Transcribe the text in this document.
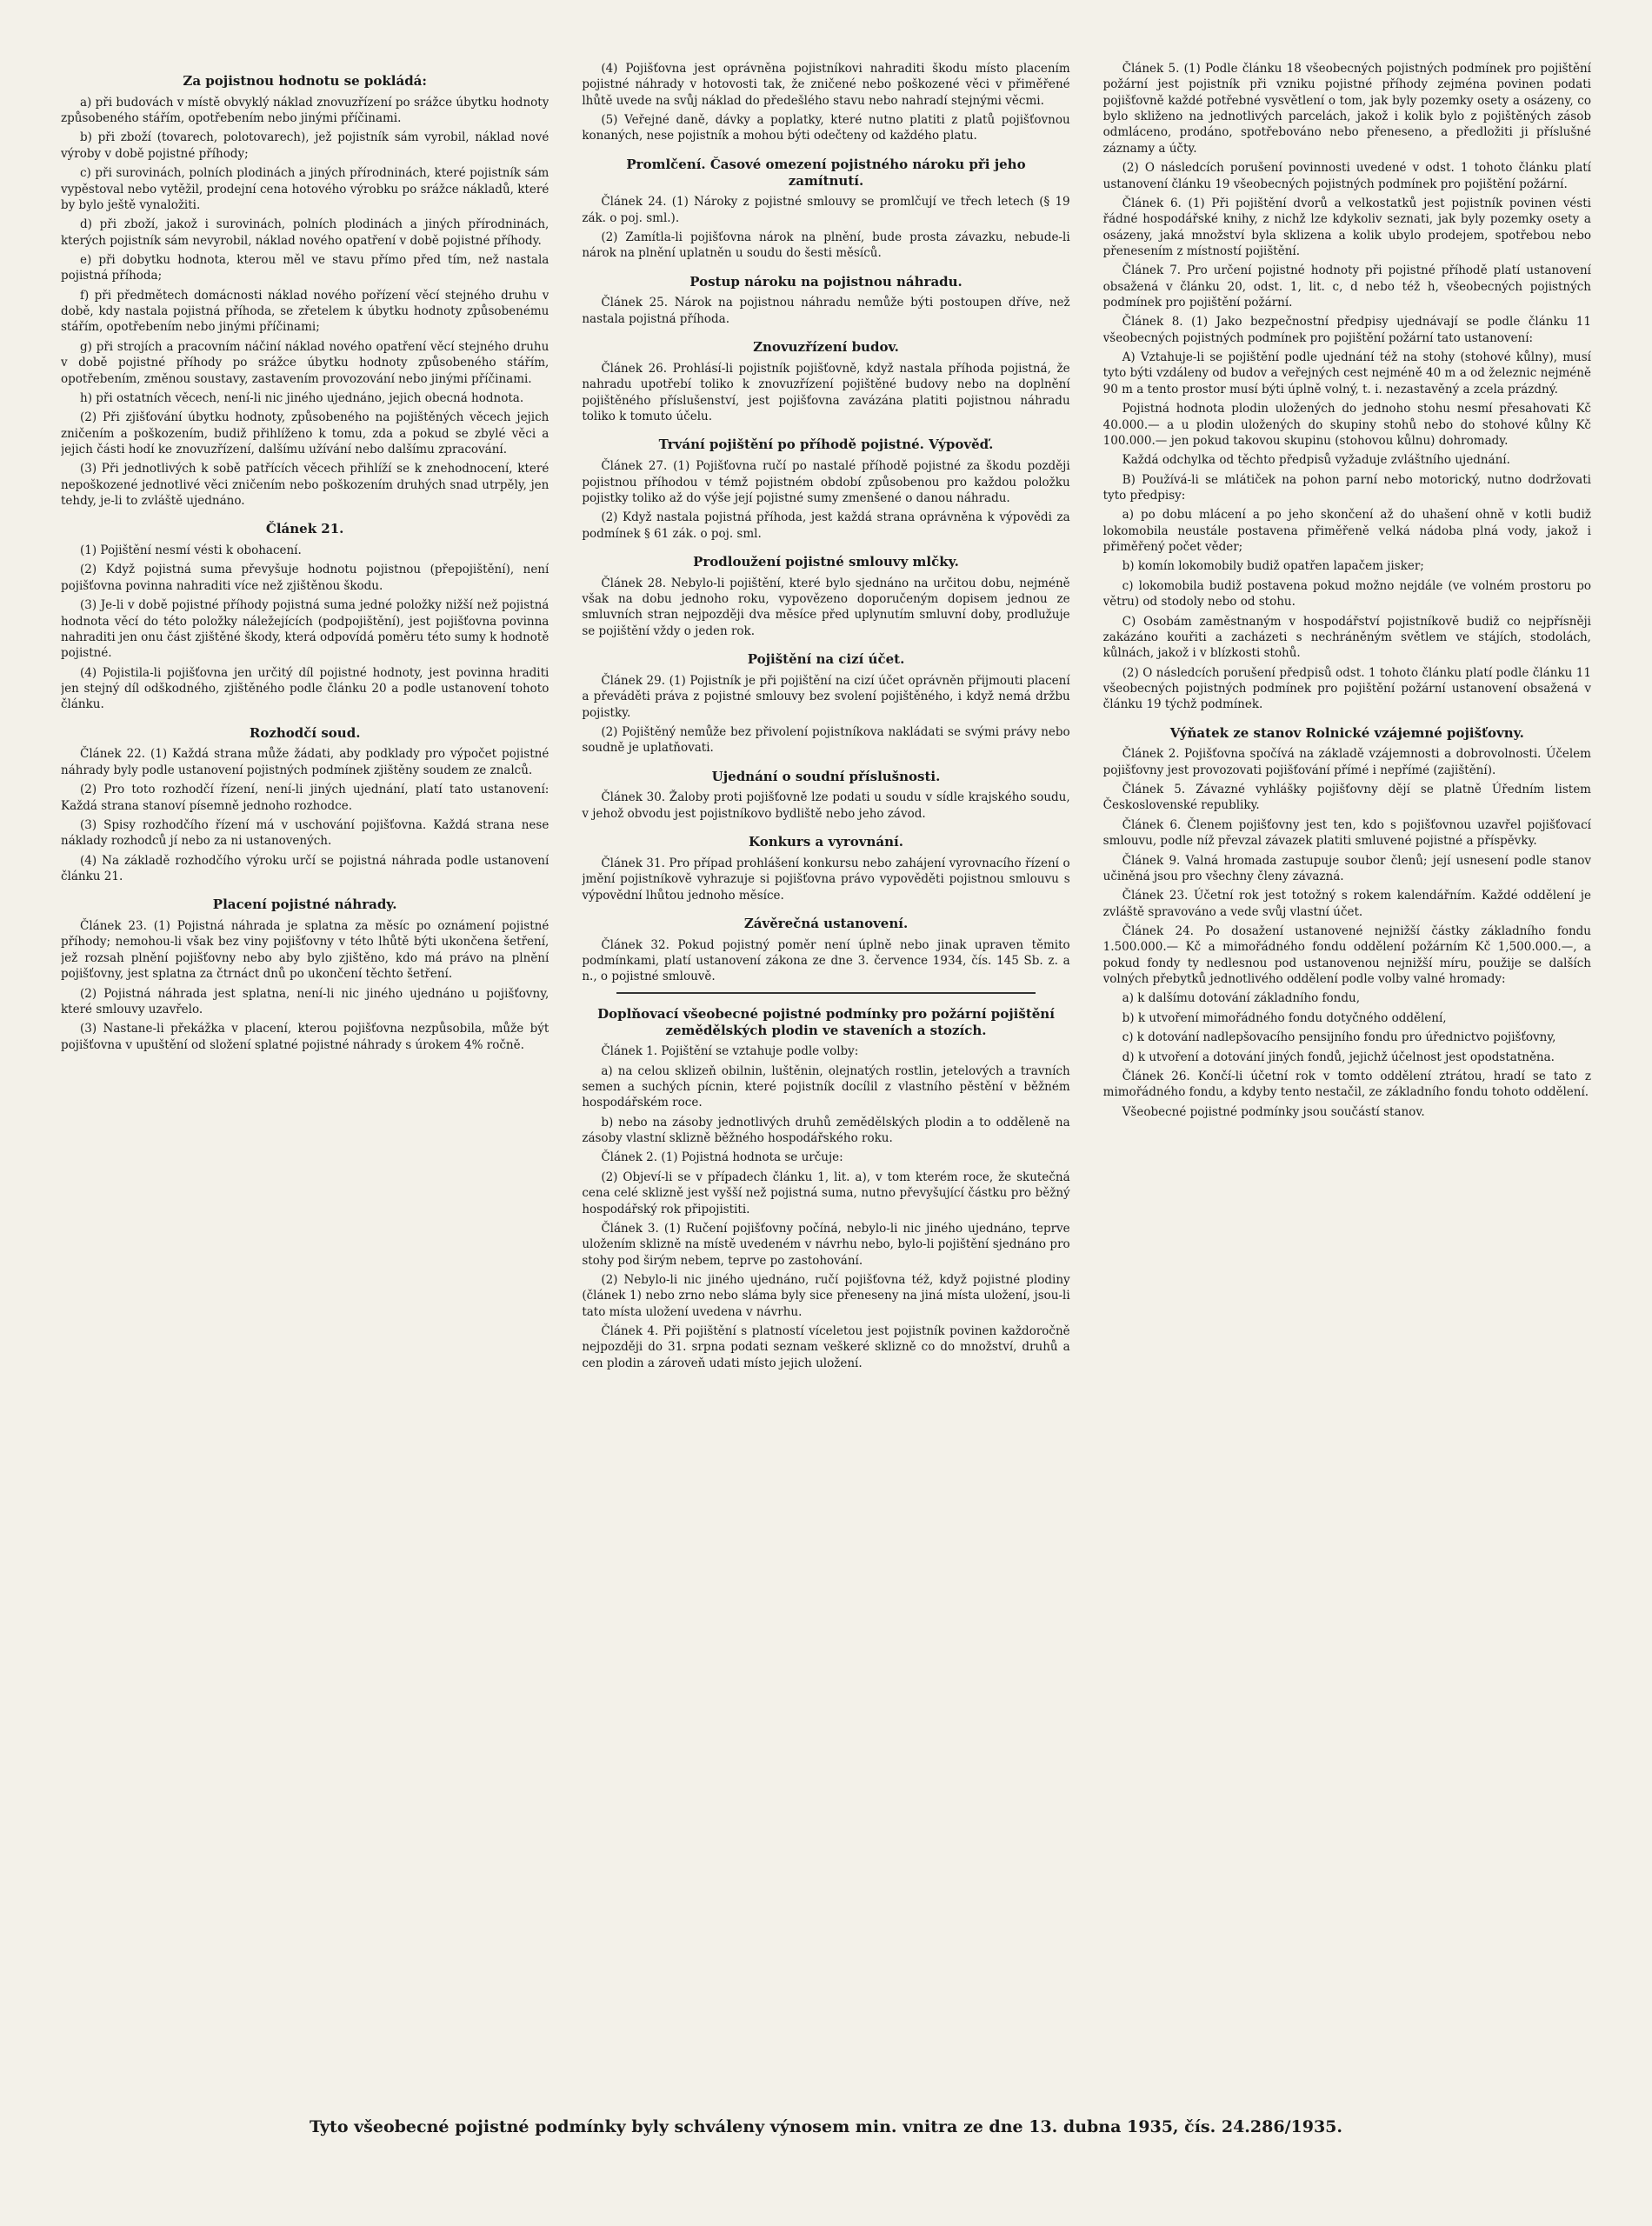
Za pojistnou hodnotu se pokládá:

a) při budovách v místě obvyklý náklad znovuzřízení po srážce úbytku hodnoty způsobeného stářím, opotřebením nebo jinými příčinami.

b) při zboží (tovarech, polotovarech), jež pojistník sám vyrobil, náklad nové výroby v době pojistné příhody;

c) při surovinách, polních plodinách a jiných přírodninách, které pojistník sám vypěstoval nebo vytěžil, prodejní cena hotového výrobku po srážce nákladů, které by bylo ještě vynaložiti.

d) při zboží, jakož i surovinách, polních plodinách a jiných přírodninách, kterých pojistník sám nevyrobil, náklad nového opatření v době pojistné příhody.

e) při dobytku hodnota, kterou měl ve stavu přímo před tím, než nastala pojistná příhoda;

f) při předmětech domácnosti náklad nového pořízení věcí stejného druhu v době, kdy nastala pojistná příhoda, se zřetelem k úbytku hodnoty způsobenému stářím, opotřebením nebo jinými příčinami;

g) při strojích a pracovním náčiní náklad nového opatření věcí stejného druhu v době pojistné příhody po srážce úbytku hodnoty způsobeného stářím, opotřebením, změnou soustavy, zastavením provozování nebo jinými příčinami.

h) při ostatních věcech, není-li nic jiného ujednáno, jejich obecná hodnota.

(2) Při zjišťování úbytku hodnoty, způsobeného na pojištěných věcech jejich zničením a poškozením, budiž přihlíženo k tomu, zda a pokud se zbylé věci a jejich části hodí ke znovuzřízení, dalšímu užívání nebo dalšímu zpracování.

(3) Při jednotlivých k sobě patřících věcech přihlíží se k znehodnocení, které nepoškozené jednotlivé věci zničením nebo poškozením druhých snad utrpěly, jen tehdy, je-li to zvláště ujednáno.

Článek 21.

(1) Pojištění nesmí vésti k obohacení.

(2) Když pojistná suma převyšuje hodnotu pojistnou (přepojištění), není pojišťovna povinna nahraditi více než zjištěnou škodu.

(3) Je-li v době pojistné příhody pojistná suma jedné položky nižší než pojistná hodnota věcí do této položky náležejících (podpojištění), jest pojišťovna povinna nahraditi jen onu část zjištěné škody, která odpovídá poměru této sumy k hodnotě pojistné.

(4) Pojistila-li pojišťovna jen určitý díl pojistné hodnoty, jest povinna hraditi jen stejný díl odškodného, zjištěného podle článku 20 a podle ustanovení tohoto článku.

Rozhodčí soud.

Článek 22. (1) Každá strana může žádati, aby podklady pro výpočet pojistné náhrady byly podle ustanovení pojistných podmínek zjištěny soudem ze znalců.

(2) Pro toto rozhodčí řízení, není-li jiných ujednání, platí tato ustanovení: Každá strana stanoví písemně jednoho rozhodce.

(3) Spisy rozhodčího řízení má v uschování pojišťovna. Každá strana nese náklady rozhodců jí nebo za ni ustanovených.

(4) Na základě rozhodčího výroku určí se pojistná náhrada podle ustanovení článku 21.

Placení pojistné náhrady.

Článek 23. (1) Pojistná náhrada je splatna za měsíc po oznámení pojistné příhody; nemohou-li však bez viny pojišťovny v této lhůtě býti ukončena šetření, jež rozsah plnění pojišťovny nebo aby bylo zjištěno, kdo má právo na plnění pojišťovny, jest splatna za čtrnáct dnů po ukončení těchto šetření.

(2) Pojistná náhrada jest splatna, není-li nic jiného ujednáno u pojišťovny, které smlouvy uzavřelo.

(3) Nastane-li překážka v placení, kterou pojišťovna nezpůsobila, může být pojišťovna v upuštění od složení splatné pojistné náhrady s úrokem 4% ročně.

(4) Pojišťovna jest oprávněna pojistníkovi nahraditi škodu místo placením pojistné náhrady v hotovosti tak, že zničené nebo poškozené věci v přiměřené lhůtě uvede na svůj náklad do předešlého stavu nebo nahradí stejnými věcmi.

(5) Veřejné daně, dávky a poplatky, které nutno platiti z platů pojišťovnou konaných, nese pojistník a mohou býti odečteny od každého platu.

Promlčení. Časové omezení pojistného nároku při jeho zamítnutí.

Článek 24. (1) Nároky z pojistné smlouvy se promlčují ve třech letech (§ 19 zák. o poj. sml.).

(2) Zamítla-li pojišťovna nárok na plnění, bude prosta závazku, nebude-li nárok na plnění uplatněn u soudu do šesti měsíců.

Postup nároku na pojistnou náhradu.

Článek 25. Nárok na pojistnou náhradu nemůže býti postoupen dříve, než nastala pojistná příhoda.

Znovuzřízení budov.

Článek 26. Prohlásí-li pojistník pojišťovně, když nastala příhoda pojistná, že nahradu upotřebí toliko k znovuzřízení pojištěné budovy nebo na doplnění pojištěného příslušenství, jest pojišťovna zavázána platiti pojistnou náhradu toliko k tomuto účelu.

Trvání pojištění po příhodě pojistné. Výpověď.

Článek 27. (1) Pojišťovna ručí po nastalé příhodě pojistné za škodu později pojistnou příhodou v témž pojistném období způsobenou pro každou položku pojistky toliko až do výše její pojistné sumy zmenšené o danou náhradu.

(2) Když nastala pojistná příhoda, jest každá strana oprávněna k výpovědi za podmínek § 61 zák. o poj. sml.

Prodloužení pojistné smlouvy mlčky.

Článek 28. Nebylo-li pojištění, které bylo sjednáno na určitou dobu, nejméně však na dobu jednoho roku, vypovězeno doporučeným dopisem jednou ze smluvních stran nejpozději dva měsíce před uplynutím smluvní doby, prodlužuje se pojištění vždy o jeden rok.

Pojištění na cizí účet.

Článek 29. (1) Pojistník je při pojištění na cizí účet oprávněn přijmouti placení a převáděti práva z pojistné smlouvy bez svolení pojištěného, i když nemá držbu pojistky.

(2) Pojištěný nemůže bez přivolení pojistníkova nakládati se svými právy nebo soudně je uplatňovati.

Ujednání o soudní příslušnosti.

Článek 30. Žaloby proti pojišťovně lze podati u soudu v sídle krajského soudu, v jehož obvodu jest pojistníkovo bydliště nebo jeho závod.

Konkurs a vyrovnání.

Článek 31. Pro případ prohlášení konkursu nebo zahájení vyrovnacího řízení o jmění pojistníkově vyhrazuje si pojišťovna právo vypověděti pojistnou smlouvu s výpovědní lhůtou jednoho měsíce.

Závěrečná ustanovení.

Článek 32. Pokud pojistný poměr není úplně nebo jinak upraven těmito podmínkami, platí ustanovení zákona ze dne 3. července 1934, čís. 145 Sb. z. a n., o pojistné smlouvě.

Doplňovací všeobecné pojistné podmínky pro požární pojištění zemědělských plodin ve staveních a stozích.

Článek 1. Pojištění se vztahuje podle volby:

a) na celou sklizeň obilnin, luštěnin, olejnatých rostlin, jetelových a travních semen a suchých pícnin, které pojistník docílil z vlastního pěstění v běžném hospodářském roce.

b) nebo na zásoby jednotlivých druhů zemědělských plodin a to odděleně na zásoby vlastní sklizně běžného hospodářského roku.

Článek 2. (1) Pojistná hodnota se určuje:

(2) Objeví-li se v případech článku 1, lit. a), v tom kterém roce, že skutečná cena celé sklizně jest vyšší než pojistná suma, nutno převyšující částku pro běžný hospodářský rok připojistiti.

Článek 3. (1) Ručení pojišťovny počíná, nebylo-li nic jiného ujednáno, teprve uložením sklizně na místě uvedeném v návrhu nebo, bylo-li pojištění sjednáno pro stohy pod širým nebem, teprve po zastohování.

(2) Nebylo-li nic jiného ujednáno, ručí pojišťovna též, když pojistné plodiny (článek 1) nebo zrno nebo sláma byly sice přeneseny na jiná místa uložení, jsou-li tato místa uložení uvedena v návrhu.

Článek 4. Při pojištění s platností víceletou jest pojistník povinen každoročně nejpozději do 31. srpna podati seznam veškeré sklizně co do množství, druhů a cen plodin a zároveň udati místo jejich uložení.

Článek 5. (1) Podle článku 18 všeobecných pojistných podmínek pro pojištění požární jest pojistník při vzniku pojistné příhody zejména povinen podati pojišťovně každé potřebné vysvětlení o tom, jak byly pozemky osety a osázeny, co bylo skliženo na jednotlivých parcelách, jakož i kolik bylo z pojištěných zásob odmláceno, prodáno, spotřebováno nebo přeneseno, a předložiti ji příslušné záznamy a účty.

(2) O následcích porušení povinnosti uvedené v odst. 1 tohoto článku platí ustanovení článku 19 všeobecných pojistných podmínek pro pojištění požární.

Článek 6. (1) Při pojištění dvorů a velkostatků jest pojistník povinen vésti řádné hospodářské knihy, z nichž lze kdykoliv seznati, jak byly pozemky osety a osázeny, jaká množství byla sklizena a kolik ubylo prodejem, spotřebou nebo přenesením z místností pojištění.

Článek 7. Pro určení pojistné hodnoty při pojistné příhodě platí ustanovení obsažená v článku 20, odst. 1, lit. c, d nebo též h, všeobecných pojistných podmínek pro pojištění požární.

Článek 8. (1) Jako bezpečnostní předpisy ujednávají se podle článku 11 všeobecných pojistných podmínek pro pojištění požární tato ustanovení:

A) Vztahuje-li se pojištění podle ujednání též na stohy (stohové kůlny), musí tyto býti vzdáleny od budov a veřejných cest nejméně 40 m a od železnic nejméně 90 m a tento prostor musí býti úplně volný, t. i. nezastavěný a zcela prázdný.

Pojistná hodnota plodin uložených do jednoho stohu nesmí přesahovati Kč 40.000.— a u plodin uložených do skupiny stohů nebo do stohové kůlny Kč 100.000.— jen pokud takovou skupinu (stohovou kůlnu) dohromady.

Každá odchylka od těchto předpisů vyžaduje zvláštního ujednání.

B) Používá-li se mlátiček na pohon parní nebo motorický, nutno dodržovati tyto předpisy:

a) po dobu mlácení a po jeho skončení až do uhašení ohně v kotli budiž lokomobila neustále postavena přiměřeně velká nádoba plná vody, jakož i přiměřený počet věder;

b) komín lokomobily budiž opatřen lapačem jisker;

c) lokomobila budiž postavena pokud možno nejdále (ve volném prostoru po větru) od stodoly nebo od stohu.

C) Osobám zaměstnaným v hospodářství pojistníkově budiž co nejpřísněji zakázáno kouřiti a zacházeti s nechráněným světlem ve stájích, stodolách, kůlnách, jakož i v blízkosti stohů.

(2) O následcích porušení předpisů odst. 1 tohoto článku platí podle článku 11 všeobecných pojistných podmínek pro pojištění požární ustanovení obsažená v článku 19 týchž podmínek.

Výňatek ze stanov Rolnické vzájemné pojišťovny.

Článek 2. Pojišťovna spočívá na základě vzájemnosti a dobrovolnosti. Účelem pojišťovny jest provozovati pojišťování přímé i nepřímé (zajištění).

Článek 5. Závazné vyhlášky pojišťovny dějí se platně Úředním listem Československé republiky.

Článek 6. Členem pojišťovny jest ten, kdo s pojišťovnou uzavřel pojišťovací smlouvu, podle níž převzal závazek platiti smluvené pojistné a příspěvky.

Článek 9. Valná hromada zastupuje soubor členů; její usnesení podle stanov učiněná jsou pro všechny členy závazná.

Článek 23. Účetní rok jest totožný s rokem kalendářním. Každé oddělení je zvláště spravováno a vede svůj vlastní účet.

Článek 24. Po dosažení ustanovené nejnižší částky základního fondu 1.500.000.— Kč a mimořádného fondu oddělení požárním Kč 1,500.000.—, a pokud fondy ty nedlesnou pod ustanovenou nejnižší míru, použije se dalších volných přebytků jednotlivého oddělení podle volby valné hromady:

a) k dalšímu dotování základního fondu,

b) k utvoření mimořádného fondu dotyčného oddělení,

c) k dotování nadlepšovacího pensijního fondu pro úřednictvo pojišťovny,

d) k utvoření a dotování jiných fondů, jejichž účelnost jest opodstatněna.

Článek 26. Končí-li účetní rok v tomto oddělení ztrátou, hradí se tato z mimořádného fondu, a kdyby tento nestačil, ze základního fondu tohoto oddělení.

Všeobecné pojistné podmínky jsou součástí stanov.

Tyto všeobecné pojistné podmínky byly schváleny výnosem min. vnitra ze dne 13. dubna 1935, čís. 24.286/1935.
